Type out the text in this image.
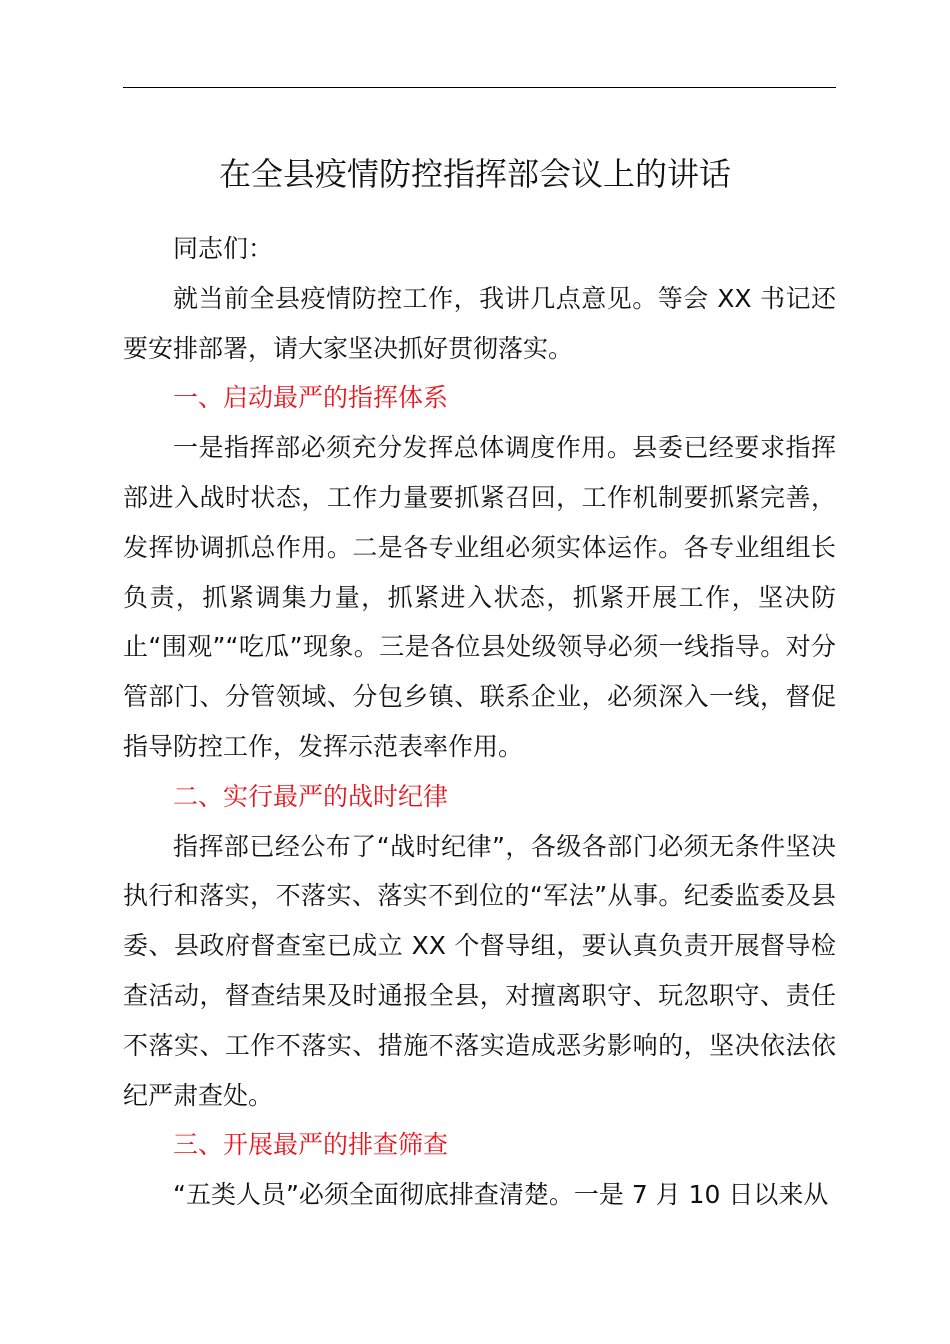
在全县疫情防控指挥部会议上的讲话

同志们：

就当前全县疫情防控工作，我讲几点意见。等会 XX 书记还要安排部署，请大家坚决抓好贯彻落实。

一、启动最严的指挥体系

一是指挥部必须充分发挥总体调度作用。县委已经要求指挥部进入战时状态，工作力量要抓紧召回，工作机制要抓紧完善，发挥协调抓总作用。二是各专业组必须实体运作。各专业组组长负责，抓紧调集力量，抓紧进入状态，抓紧开展工作，坚决防止“围观”“吃瓜”现象。三是各位县处级领导必须一线指导。对分管部门、分管领域、分包乡镇、联系企业，必须深入一线，督促指导防控工作，发挥示范表率作用。

二、实行最严的战时纪律

指挥部已经公布了“战时纪律”，各级各部门必须无条件坚决执行和落实，不落实、落实不到位的“军法”从事。纪委监委及县委、县政府督查室已成立 XX 个督导组，要认真负责开展督导检查活动，督查结果及时通报全县，对擅离职守、玩忽职守、责任不落实、工作不落实、措施不落实造成恶劣影响的，坚决依法依纪严肃查处。

三、开展最严的排查筛查

“五类人员”必须全面彻底排查清楚。一是 7 月 10 日以来从
